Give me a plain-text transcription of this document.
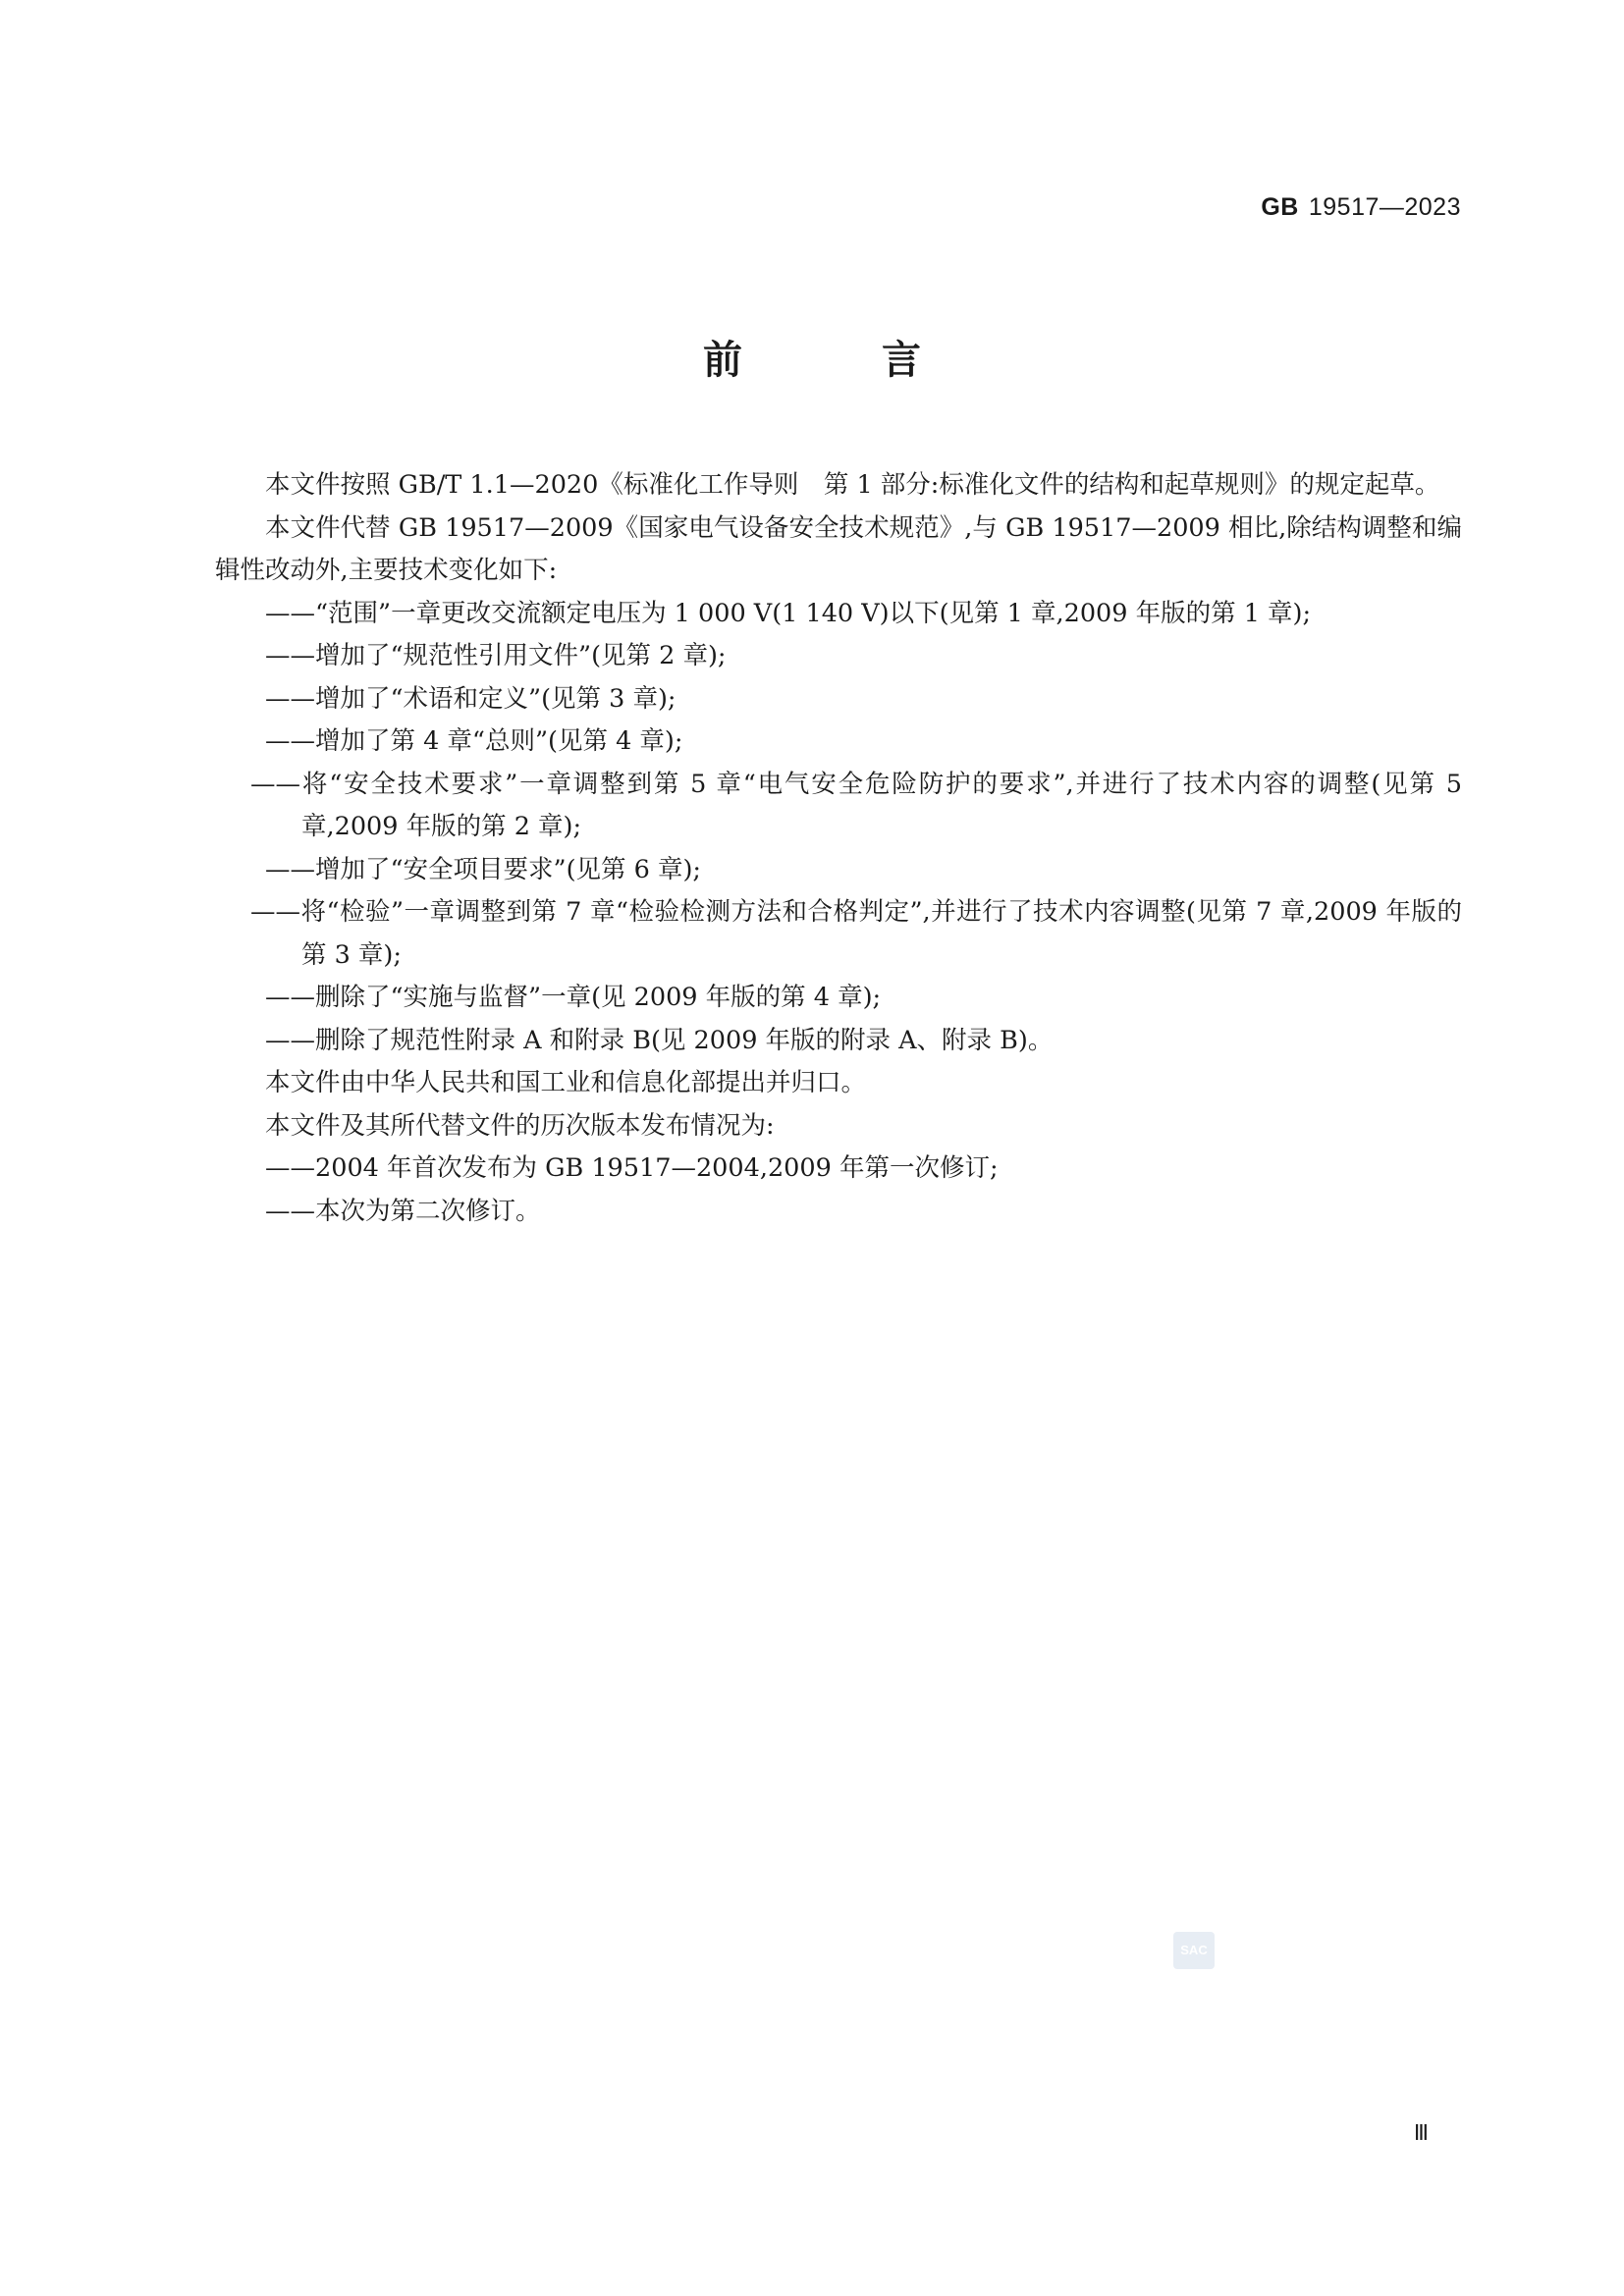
GB 19517—2023
前 言

本文件按照 GB/T 1.1—2020《标准化工作导则　第 1 部分:标准化文件的结构和起草规则》的规定起草。

本文件代替 GB 19517—2009《国家电气设备安全技术规范》,与 GB 19517—2009 相比,除结构调整和编辑性改动外,主要技术变化如下:

——“范围”一章更改交流额定电压为 1 000 V(1 140 V)以下(见第 1 章,2009 年版的第 1 章);

——增加了“规范性引用文件”(见第 2 章);

——增加了“术语和定义”(见第 3 章);

——增加了第 4 章“总则”(见第 4 章);

——将“安全技术要求”一章调整到第 5 章“电气安全危险防护的要求”,并进行了技术内容的调整(见第 5 章,2009 年版的第 2 章);

——增加了“安全项目要求”(见第 6 章);

——将“检验”一章调整到第 7 章“检验检测方法和合格判定”,并进行了技术内容调整(见第 7 章,2009 年版的第 3 章);

——删除了“实施与监督”一章(见 2009 年版的第 4 章);

——删除了规范性附录 A 和附录 B(见 2009 年版的附录 A、附录 B)。

本文件由中华人民共和国工业和信息化部提出并归口。

本文件及其所代替文件的历次版本发布情况为:

——2004 年首次发布为 GB 19517—2004,2009 年第一次修订;

——本次为第二次修订。

SAC
Ⅲ
